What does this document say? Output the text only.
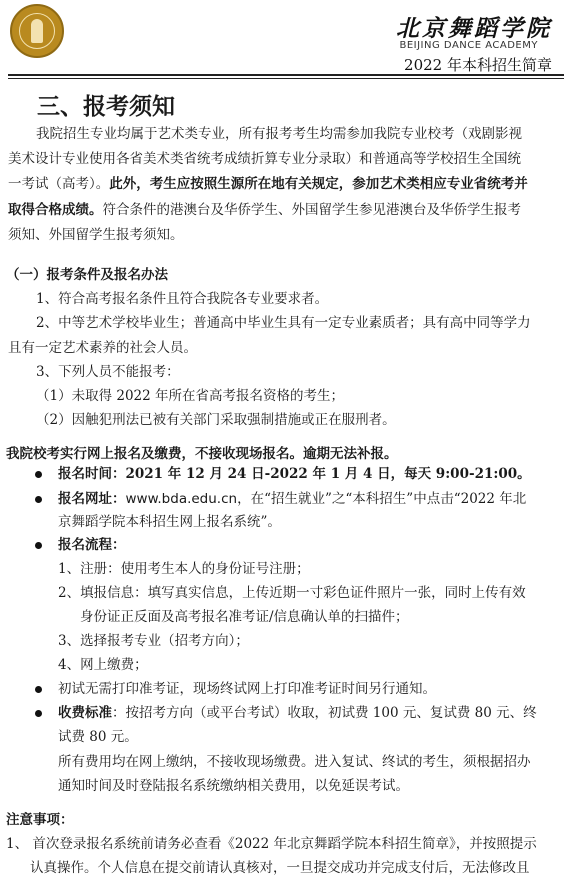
北京舞蹈学院
BEIJING DANCE ACADEMY
2022 年本科招生简章
三、报考须知
我院招生专业均属于艺术类专业，所有报考考生均需参加我院专业校考（戏剧影视
美术设计专业使用各省美术类省统考成绩折算专业分录取）和普通高等学校招生全国统
一考试（高考）。此外，考生应按照生源所在地有关规定，参加艺术类相应专业省统考并
取得合格成绩。符合条件的港澳台及华侨学生、外国留学生参见港澳台及华侨学生报考
须知、外国留学生报考须知。
（一）报考条件及报名办法
1、符合高考报名条件且符合我院各专业要求者。
2、中等艺术学校毕业生；普通高中毕业生具有一定专业素质者；具有高中同等学力
且有一定艺术素养的社会人员。
3、下列人员不能报考：
（1）未取得 2022 年所在省高考报名资格的考生；
（2）因触犯刑法已被有关部门采取强制措施或正在服刑者。
我院校考实行网上报名及缴费，不接收现场报名。逾期无法补报。
报名时间：2021 年 12 月 24 日-2022 年 1 月 4 日，每天 9:00-21:00。
报名网址：www.bda.edu.cn，在“招生就业”之“本科招生”中点击“2022 年北
京舞蹈学院本科招生网上报名系统”。
报名流程：
1、注册：使用考生本人的身份证号注册；
2、填报信息：填写真实信息，上传近期一寸彩色证件照片一张，同时上传有效
身份证正反面及高考报名准考证/信息确认单的扫描件；
3、选择报考专业（招考方向）；
4、网上缴费；
初试无需打印准考证，现场终试网上打印准考证时间另行通知。
收费标准：按招考方向（或平台考试）收取，初试费 100 元、复试费 80 元、终
试费 80 元。
所有费用均在网上缴纳，不接收现场缴费。进入复试、终试的考生，须根据招办
通知时间及时登陆报名系统缴纳相关费用，以免延误考试。
注意事项：
1、 首次登录报名系统前请务必查看《2022 年北京舞蹈学院本科招生简章》，并按照提示
认真操作。个人信息在提交前请认真核对，一旦提交成功并完成支付后，无法修改且
